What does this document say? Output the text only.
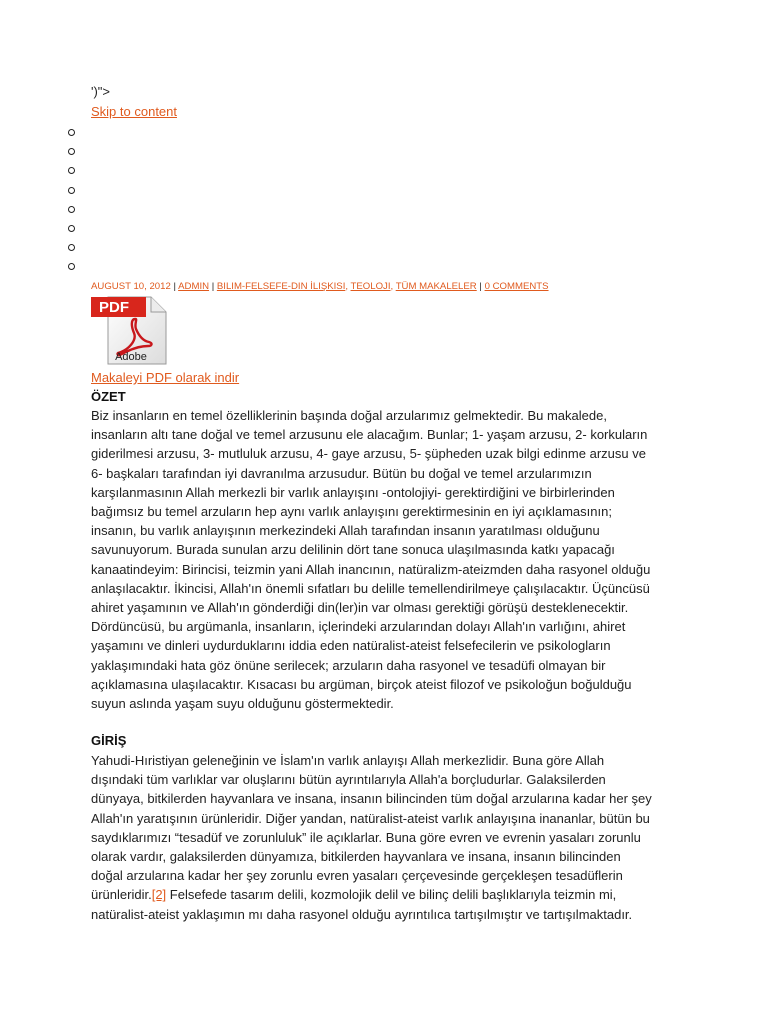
')">
Skip to content
AUGUST 10, 2012 | ADMIN | BILIM-FELSEFE-DIN İLIŞKISI, TEOLOJI, TÜM MAKALELER | 0 COMMENTS
PDF
Adobe
Makaleyi PDF olarak indir
ÖZET
Biz insanların en temel özelliklerinin başında doğal arzularımız gelmektedir. Bu makalede,
insanların altı tane doğal ve temel arzusunu ele alacağım. Bunlar; 1- yaşam arzusu, 2- korkuların
giderilmesi arzusu, 3- mutluluk arzusu, 4- gaye arzusu, 5- şüpheden uzak bilgi edinme arzusu ve
6- başkaları tarafından iyi davranılma arzusudur. Bütün bu doğal ve temel arzularımızın
karşılanmasının Allah merkezli bir varlık anlayışını -ontolojiyi- gerektirdiğini ve birbirlerinden
bağımsız bu temel arzuların hep aynı varlık anlayışını gerektirmesinin en iyi açıklamasının;
insanın, bu varlık anlayışının merkezindeki Allah tarafından insanın yaratılması olduğunu
savunuyorum. Burada sunulan arzu delilinin dört tane sonuca ulaşılmasında katkı yapacağı
kanaatindeyim: Birincisi, teizmin yani Allah inancının, natüralizm-ateizmden daha rasyonel olduğu
anlaşılacaktır. İkincisi, Allah'ın önemli sıfatları bu delille temellendirilmeye çalışılacaktır. Üçüncüsü
ahiret yaşamının ve Allah'ın gönderdiği din(ler)in var olması gerektiği görüşü desteklenecektir.
Dördüncüsü, bu argümanla, insanların, içlerindeki arzularından dolayı Allah'ın varlığını, ahiret
yaşamını ve dinleri uydurduklarını iddia eden natüralist-ateist felsefecilerin ve psikologların
yaklaşımındaki hata göz önüne serilecek; arzuların daha rasyonel ve tesadüfi olmayan bir
açıklamasına ulaşılacaktır. Kısacası bu argüman, birçok ateist filozof ve psikoloğun boğulduğu
suyun aslında yaşam suyu olduğunu göstermektedir.
GİRİŞ
Yahudi-Hıristiyan geleneğinin ve İslam'ın varlık anlayışı Allah merkezlidir. Buna göre Allah
dışındaki tüm varlıklar var oluşlarını bütün ayrıntılarıyla Allah'a borçludurlar. Galaksilerden
dünyaya, bitkilerden hayvanlara ve insana, insanın bilincinden tüm doğal arzularına kadar her şey
Allah'ın yaratışının ürünleridir. Diğer yandan, natüralist-ateist varlık anlayışına inananlar, bütün bu
saydıklarımızı “tesadüf ve zorunluluk” ile açıklarlar. Buna göre evren ve evrenin yasaları zorunlu
olarak vardır, galaksilerden dünyamıza, bitkilerden hayvanlara ve insana, insanın bilincinden
doğal arzularına kadar her şey zorunlu evren yasaları çerçevesinde gerçekleşen tesadüflerin
ürünleridir.[2] Felsefede tasarım delili, kozmolojik delil ve bilinç delili başlıklarıyla teizmin mi,
natüralist-ateist yaklaşımın mı daha rasyonel olduğu ayrıntılıca tartışılmıştır ve tartışılmaktadır.
